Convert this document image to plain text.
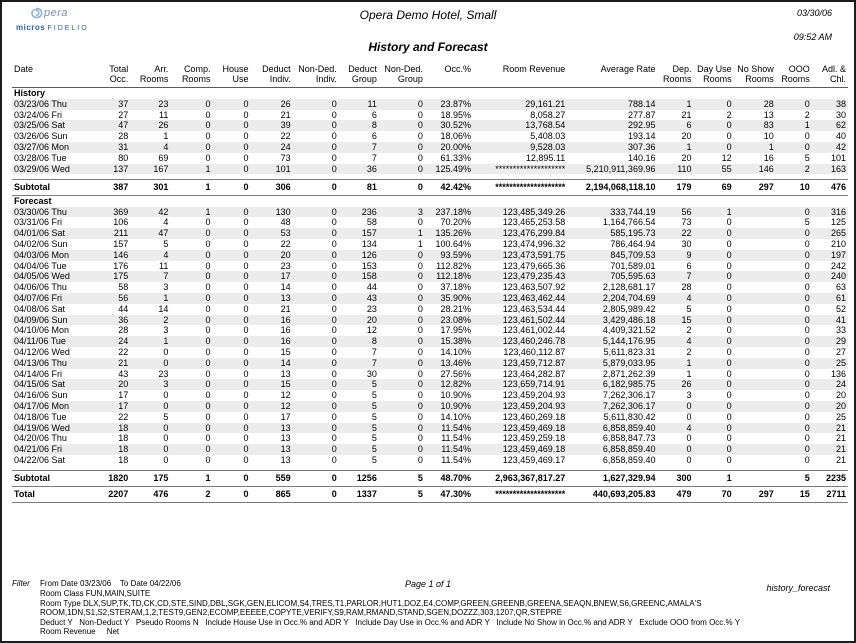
pera
micros FIDELIO
Opera Demo Hotel, Small	03/30/06
09:52 AM
History and Forecast
Date	Total
Occ.

Arr.
Rooms

Comp.
Rooms

House
Use

Deduct
Indiv.

Non-Ded.
Indiv.

Deduct
Group

Non-Ded.
Group

Occ.%	Room Revenue	Average Rate	Dep.
Rooms

Day Use
Rooms

No Show
Rooms

OOO
Rooms

Adl. &
Chl.

History																
03/23/06 Thu	37	23	0	0	26	0	11	0	23.87%	29,161.21	788.14	1	0	28	0	38
03/24/06 Fri	27	11	0	0	21	0	6	0	18.95%	8,058.27	277.87	21	2	13	2	30
03/25/06 Sat	47	26	0	0	39	0	8	0	30.52%	13,768.54	292.95	6	0	83	1	62
03/26/06 Sun	28	1	0	0	22	0	6	0	18.06%	5,408.03	193.14	20	0	10	0	40
03/27/06 Mon	31	4	0	0	24	0	7	0	20.00%	9,528.03	307.36	1	0	1	0	42
03/28/06 Tue	80	69	0	0	73	0	7	0	61.33%	12,895.11	140.16	20	12	16	5	101
03/29/06 Wed	137	167	1	0	101	0	36	0	125.49%	********************	5,210,911,369.96	110	55	146	2	163

Subtotal	387	301	1	0	306	0	81	0	42.42%	********************	2,194,068,118.10	179	69	297	10	476
Forecast																
03/30/06 Thu	369	42	1	0	130	0	236	3	237.18%	123,485,349.26	333,744.19	56	1		0	316
03/31/06 Fri	106	4	0	0	48	0	58	0	70.20%	123,465,253.58	1,164,766.54	73	0		5	125
04/01/06 Sat	211	47	0	0	53	0	157	1	135.26%	123,476,299.84	585,195.73	22	0		0	265
04/02/06 Sun	157	5	0	0	22	0	134	1	100.64%	123,474,996.32	786,464.94	30	0		0	210
04/03/06 Mon	146	4	0	0	20	0	126	0	93.59%	123,473,591.75	845,709.53	9	0		0	197
04/04/06 Tue	176	11	0	0	23	0	153	0	112.82%	123,479,665.36	701,589.01	6	0		0	242
04/05/06 Wed	175	7	0	0	17	0	158	0	112.18%	123,479,235.43	705,595.63	7	0		0	240
04/06/06 Thu	58	3	0	0	14	0	44	0	37.18%	123,463,507.92	2,128,681.17	28	0		0	63
04/07/06 Fri	56	1	0	0	13	0	43	0	35.90%	123,463,462.44	2,204,704.69	4	0		0	61
04/08/06 Sat	44	14	0	0	21	0	23	0	28.21%	123,463,534.44	2,805,989.42	5	0		0	52
04/09/06 Sun	36	2	0	0	16	0	20	0	23.08%	123,461,502.44	3,429,486.18	15	0		0	41
04/10/06 Mon	28	3	0	0	16	0	12	0	17.95%	123,461,002.44	4,409,321.52	2	0		0	33
04/11/06 Tue	24	1	0	0	16	0	8	0	15.38%	123,460,246.78	5,144,176.95	4	0		0	29
04/12/06 Wed	22	0	0	0	15	0	7	0	14.10%	123,460,112.87	5,611,823.31	2	0		0	27
04/13/06 Thu	21	0	0	0	14	0	7	0	13.46%	123,459,712.87	5,879,033.95	1	0		0	25
04/14/06 Fri	43	23	0	0	13	0	30	0	27.56%	123,464,282.87	2,871,262.39	1	0		0	136
04/15/06 Sat	20	3	0	0	15	0	5	0	12.82%	123,659,714.91	6,182,985.75	26	0		0	24
04/16/06 Sun	17	0	0	0	12	0	5	0	10.90%	123,459,204.93	7,262,306.17	3	0		0	20
04/17/06 Mon	17	0	0	0	12	0	5	0	10.90%	123,459,204.93	7,262,306.17	0	0		0	20
04/18/06 Tue	22	5	0	0	17	0	5	0	14.10%	123,460,269.18	5,611,830.42	0	0		0	25
04/19/06 Wed	18	0	0	0	13	0	5	0	11.54%	123,459,469.18	6,858,859.40	4	0		0	21
04/20/06 Thu	18	0	0	0	13	0	5	0	11.54%	123,459,259.18	6,858,847.73	0	0		0	21
04/21/06 Fri	18	0	0	0	13	0	5	0	11.54%	123,459,469.18	6,858,859.40	0	0		0	21
04/22/06 Sat	18	0	0	0	13	0	5	0	11.54%	123,459,469.17	6,858,859.40	0	0		0	21

Subtotal	1820	175	1	0	559	0	1256	5	48.70%	2,963,367,817.27	1,627,329.94	300	1		5	2235
Total	2207	476	2	0	865	0	1337	5	47.30%	********************	440,693,205.83	479	70	297	15	2711
Filter	Page 1 of 1	history_forecast
From Date 03/23/06    To Date 04/22/06
Room Class FUN,MAIN,SUITE
Room Type DLX,SUP,TK,TD,CK,CD,STE,SIND,DBL,SGK,GEN,ELICOM,S4,TRES,T1,PARLOR,HUT1,DOZ,E4,COMP,GREEN,GREENB,GREENA,SEAQN,BNEW,S6,GREENC,AMALA'S
ROOM,1DN,S1,S2,STERAM,1,2,TEST9,GEN2,ECOMP,EEEEE,COPYTE,VERIFY,S9,RAM,RMAND,STAND,SGEN,DOZZZ,303,1207,QR,STEPRE
Deduct Y   Non-Deduct Y   Pseudo Rooms N   Include House Use in Occ.% and ADR Y   Include Day Use in Occ.% and ADR Y   Include No Show in Occ.% and ADR Y   Exclude OOO from Occ.% Y
Room Revenue     Net
